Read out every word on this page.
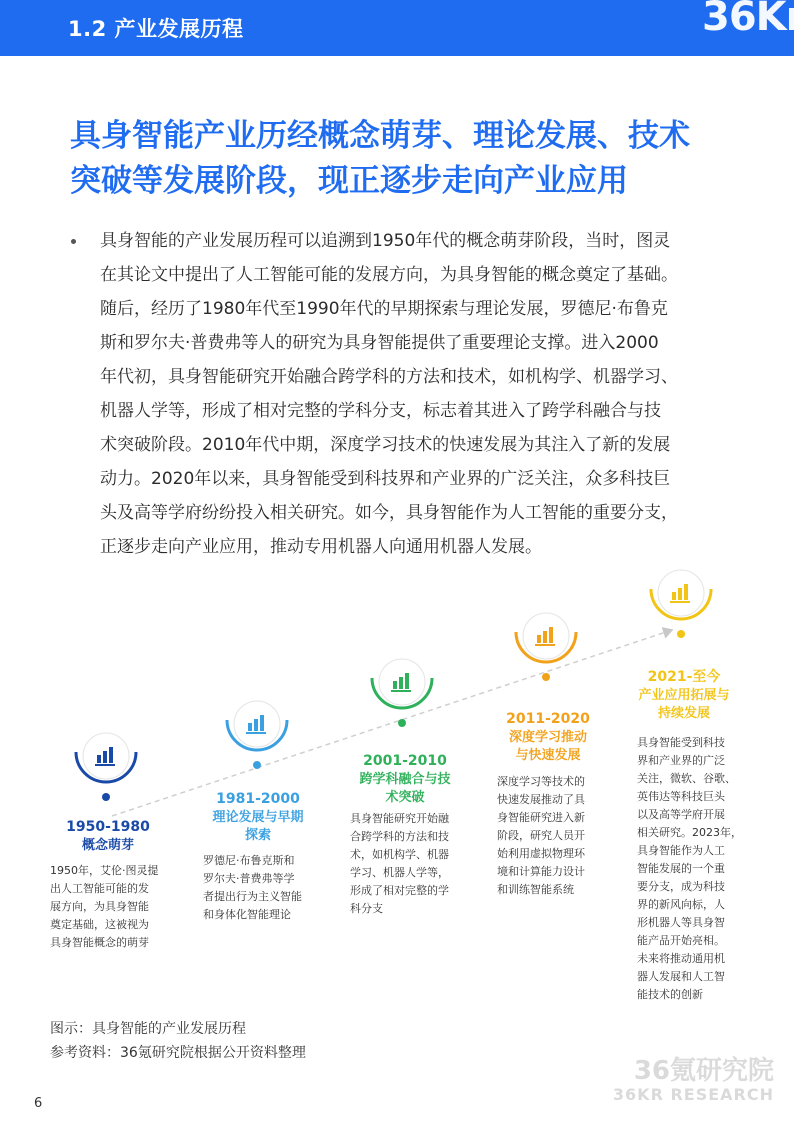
1.2 产业发展历程	36Kr
具身智能产业历经概念萌芽、理论发展、技术
突破等发展阶段，现正逐步走向产业应用
具身智能的产业发展历程可以追溯到1950年代的概念萌芽阶段，当时，图灵
在其论文中提出了人工智能可能的发展方向，为具身智能的概念奠定了基础。
随后，经历了1980年代至1990年代的早期探索与理论发展，罗德尼·布鲁克
斯和罗尔夫·普费弗等人的研究为具身智能提供了重要理论支撑。进入2000
年代初，具身智能研究开始融合跨学科的方法和技术，如机构学、机器学习、
机器人学等，形成了相对完整的学科分支，标志着其进入了跨学科融合与技
术突破阶段。2010年代中期，深度学习技术的快速发展为其注入了新的发展
动力。2020年以来，具身智能受到科技界和产业界的广泛关注，众多科技巨
头及高等学府纷纷投入相关研究。如今，具身智能作为人工智能的重要分支，
正逐步走向产业应用，推动专用机器人向通用机器人发展。
1950-1980
概念萌芽
1950年，艾伦·图灵提
出人工智能可能的发
展方向，为具身智能
奠定基础，这被视为
具身智能概念的萌芽
1981-2000
理论发展与早期
探索
罗德尼·布鲁克斯和
罗尔夫·普费弗等学
者提出行为主义智能
和身体化智能理论
2001-2010
跨学科融合与技
术突破
具身智能研究开始融
合跨学科的方法和技
术，如机构学、机器
学习、机器人学等，
形成了相对完整的学
科分支
2011-2020
深度学习推动
与快速发展
深度学习等技术的
快速发展推动了具
身智能研究进入新
阶段，研究人员开
始利用虚拟物理环
境和计算能力设计
和训练智能系统
2021-至今
产业应用拓展与
持续发展
具身智能受到科技
界和产业界的广泛
关注，微软、谷歌、
英伟达等科技巨头
以及高等学府开展
相关研究。2023年，
具身智能作为人工
智能发展的一个重
要分支，成为科技
界的新风向标，人
形机器人等具身智
能产品开始亮相。
未来将推动通用机
器人发展和人工智
能技术的创新
图示：具身智能的产业发展历程
参考资料：36氪研究院根据公开资料整理
6
36氪研究院
36KR RESEARCH
